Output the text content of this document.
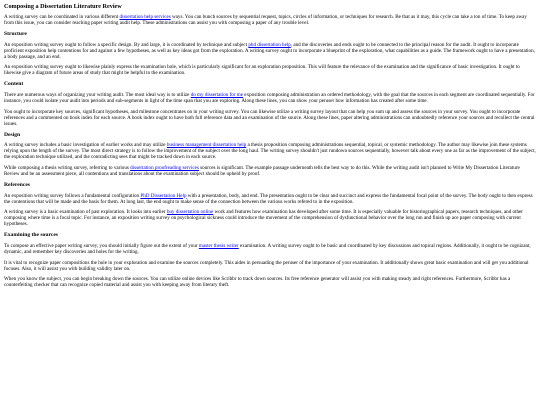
Composing a Dissertation Literature Review

A writing survey can be coordinated in various different dissertation help services ways. You can bunch sources by sequential request, topics, circles of information, or techniques for research. Be that as it may, this cycle can take a ton of time. To keep away from this issue, you can consider reaching paper writing audit help. These administrations can assist you with composing a paper of any trouble level.

Structure

An exposition writing survey ought to follow a specific design. By and large, it is coordinated by technique and subject phd dissertation help, and the discoveries and ends ought to be connected to the principal reason for the audit. It ought to incorporate proficient exposition help contentions for and against a few hypotheses, as well as key ideas got from the exploration. A writing survey ought to incorporate a blueprint of the exploration, what capabilities as a guide. The framework ought to have a presentation, a body passage, and an end.

An exposition writing survey ought to likewise plainly express the examination hole, which is particularly significant for an exploration proposition. This will feature the relevance of the examination and the significance of basic investigation. It ought to likewise give a diagram of future areas of study that might be helpful to the examination.

Content

There are numerous ways of organizing your writing audit. The most ideal way is to utilize do my dissertation for me exposition composing administration an ordered methodology, with the goal that the sources in each segment are coordinated sequentially. For instance, you could isolate your audit into periods and sub-segments in light of the time span that you are exploring. Along these lines, you can show your peruser how information has created after some time.

You ought to incorporate key sources, significant hypotheses, and milestone concentrates on in your writing survey. You can likewise utilize a writing survey layout that can help you sum up and assess the sources in your survey. You ought to incorporate references and a commented on book index for each source. A book index ought to have both full reference data and an examination of the source. Along these lines, paper altering administrations can undoubtedly reference your sources and recollect the central issues.

Design

A writing survey includes a basic investigation of earlier works and may utilize business management dissertation help a thesis proposition composing administrations sequential, topical, or systemic methodology. The author may likewise join these systems relying upon the length of the survey. The most direct strategy is to follow the improvement of the subject over the long haul. The writing survey shouldn't just rundown sources sequentially, however talk about every one as far as the improvement of the subject, the exploration technique utilized, and the contradicting sees that might be tracked down in each source.

While composing a thesis writing survey, referring to various dissertation proofreading services sources is significant. The example passage underneath tells the best way to do this. While the writing audit isn't planned to Write My Dissertation Literature Review and be an assessment piece, all contentions and translations about the examination subject should be upheld by proof.

References

An exposition writing survey follows a fundamental configuration PhD Dissertation Help with a presentation, body, and end. The presentation ought to be clear and succinct and express the fundamental focal point of the survey. The body ought to then express the contentions that will be made and the basis for them. At long last, the end ought to make sense of the connection between the various works refered to in the exposition.

A writing survey is a basic examination of past exploration. It looks into earlier buy dissertation online work and features how examination has developed after some time. It is especially valuable for historiographical papers, research techniques, and other composing where time is a focal topic. For instance, an exposition writing survey on psychological sickness could introduce the movement of the comprehension of dysfunctional behavior over the long run and finish up ace paper composing with current hypotheses.

Examining the sources

To compose an effective paper writing survey, you should initially figure out the extent of your master thesis writer examination. A writing survey ought to be basic and coordinated by key discussions and topical regions. Additionally, it ought to be cognizant, dynamic, and remember key discoveries and holes for the writing.

It is vital to recognize paper compositions the hole in your exploration and examine the sources completely. This aides in persuading the peruser of the importance of your examination. It additionally shows great basic examination and will get you additional focuses. Also, it will assist you with building validity later on.

When you know the subject, you can begin breaking down the sources. You can utilize online devices like Scribbr to track down sources. Its free reference generator will assist you with making steady and right references. Furthermore, Scribbr has a counterfeiting checker that can recognize copied material and assist you with keeping away from literary theft.
